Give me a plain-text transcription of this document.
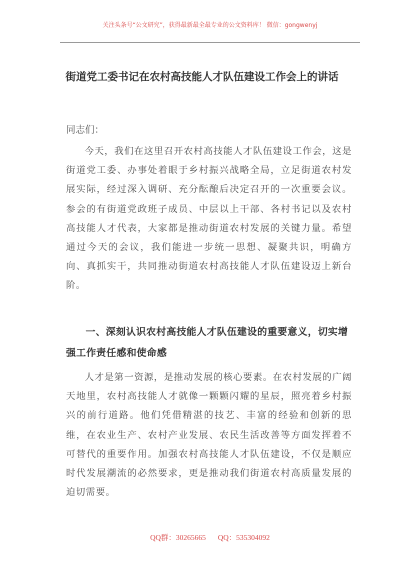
关注头条号“公文研究”，获得最新最全最专业的公文资料库！ 微信：gongwenyj
街道党工委书记在农村高技能人才队伍建设工作会上的讲话

同志们：

今天，我们在这里召开农村高技能人才队伍建设工作会，这是街道党工委、办事处着眼于乡村振兴战略全局，立足街道农村发展实际，经过深入调研、充分酝酿后决定召开的一次重要会议。参会的有街道党政班子成员、中层以上干部、各村书记以及农村高技能人才代表，大家都是推动街道农村发展的关键力量。希望通过今天的会议，我们能进一步统一思想、凝聚共识，明确方向、真抓实干，共同推动街道农村高技能人才队伍建设迈上新台阶。

一、深刻认识农村高技能人才队伍建设的重要意义，切实增强工作责任感和使命感

人才是第一资源，是推动发展的核心要素。在农村发展的广阔天地里，农村高技能人才就像一颗颗闪耀的星辰，照亮着乡村振兴的前行道路。他们凭借精湛的技艺、丰富的经验和创新的思维，在农业生产、农村产业发展、农民生活改善等方面发挥着不可替代的重要作用。加强农村高技能人才队伍建设，不仅是顺应时代发展潮流的必然要求，更是推动我们街道农村高质量发展的迫切需要。

QQ群：30265665 QQ：535304092
